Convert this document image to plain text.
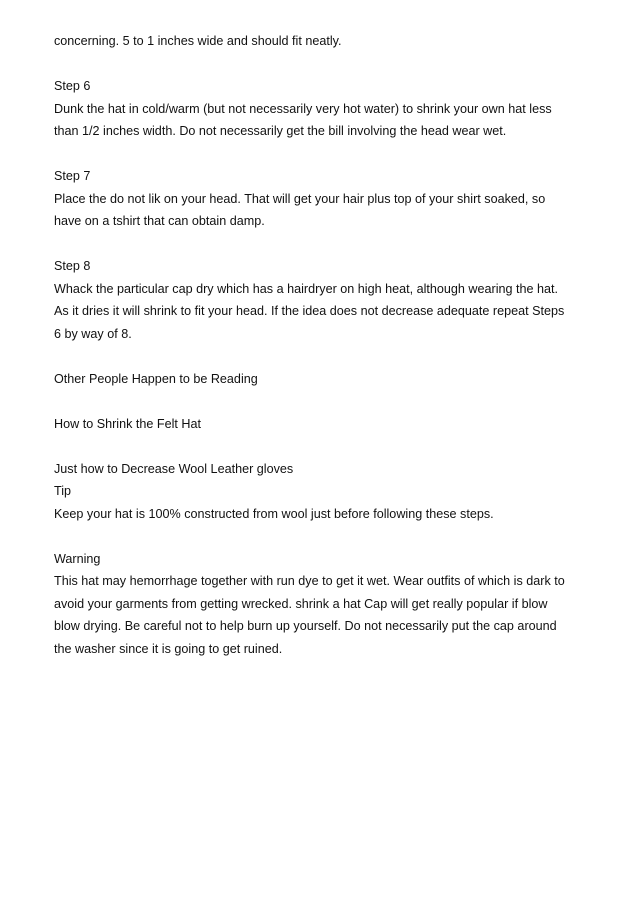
concerning. 5 to 1 inches wide and should fit neatly.
Step 6
Dunk the hat in cold/warm (but not necessarily very hot water) to shrink your own hat less
than 1/2 inches width. Do not necessarily get the bill involving the head wear wet.
Step 7
Place the do not lik on your head. That will get your hair plus top of your shirt soaked, so
have on a tshirt that can obtain damp.
Step 8
Whack the particular cap dry which has a hairdryer on high heat, although wearing the hat.
As it dries it will shrink to fit your head. If the idea does not decrease adequate repeat Steps
6 by way of 8.
Other People Happen to be Reading
How to Shrink the Felt Hat
Just how to Decrease Wool Leather gloves
Tip
Keep your hat is 100% constructed from wool just before following these steps.
Warning
This hat may hemorrhage together with run dye to get it wet. Wear outfits of which is dark to
avoid your garments from getting wrecked. shrink a hat Cap will get really popular if blow
blow drying. Be careful not to help burn up yourself. Do not necessarily put the cap around
the washer since it is going to get ruined.
